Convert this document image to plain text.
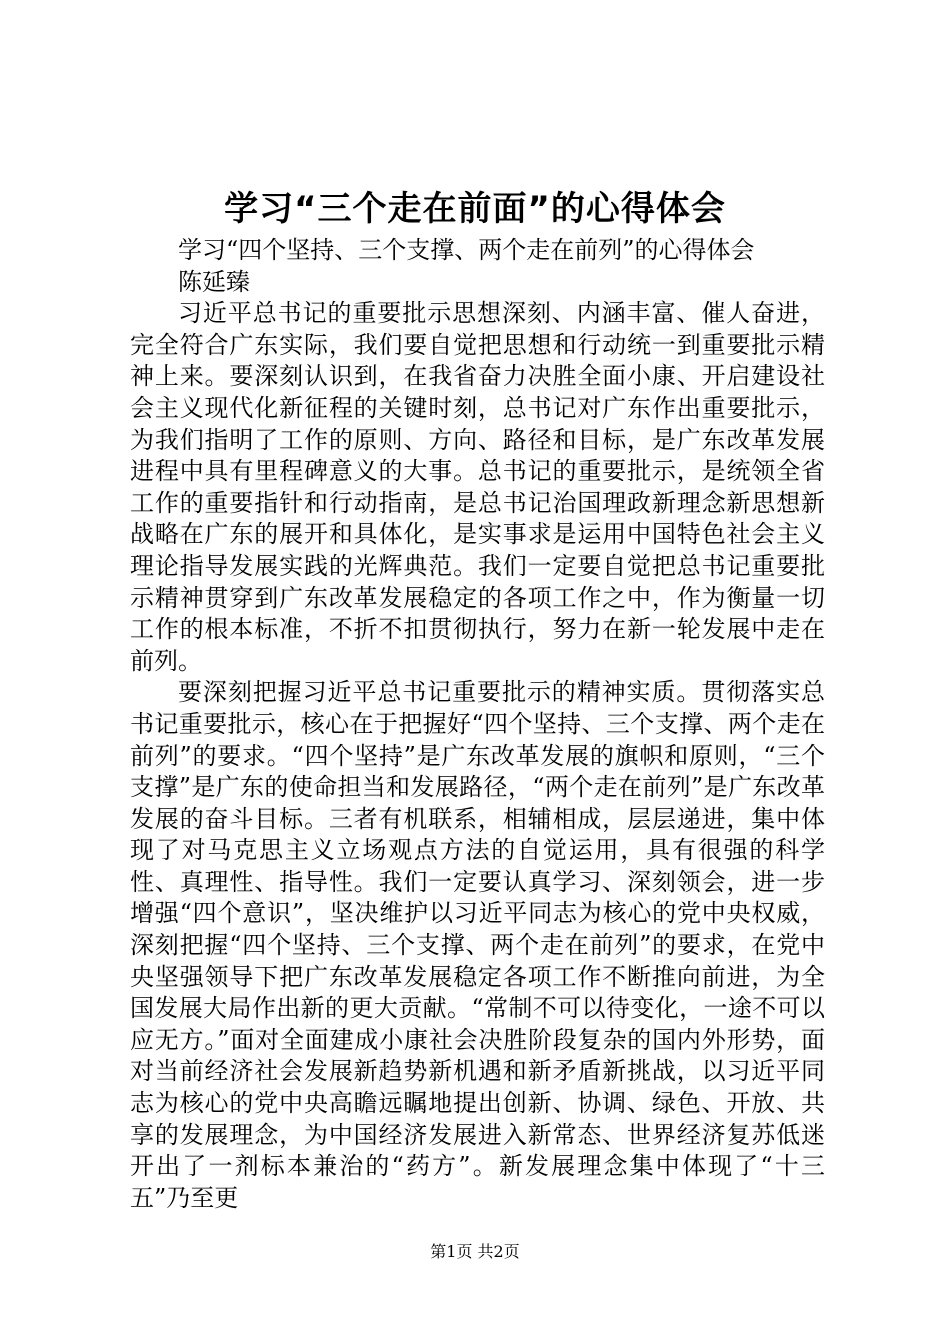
学习“三个走在前面”的心得体会

学习“四个坚持、三个支撑、两个走在前列”的心得体会

陈延臻

习近平总书记的重要批示思想深刻、内涵丰富、催人奋进，完全符合广东实际，我们要自觉把思想和行动统一到重要批示精神上来。要深刻认识到，在我省奋力决胜全面小康、开启建设社会主义现代化新征程的关键时刻，总书记对广东作出重要批示，为我们指明了工作的原则、方向、路径和目标，是广东改革发展进程中具有里程碑意义的大事。总书记的重要批示，是统领全省工作的重要指针和行动指南，是总书记治国理政新理念新思想新战略在广东的展开和具体化，是实事求是运用中国特色社会主义理论指导发展实践的光辉典范。我们一定要自觉把总书记重要批示精神贯穿到广东改革发展稳定的各项工作之中，作为衡量一切工作的根本标准，不折不扣贯彻执行，努力在新一轮发展中走在前列。

要深刻把握习近平总书记重要批示的精神实质。贯彻落实总书记重要批示，核心在于把握好“四个坚持、三个支撑、两个走在前列”的要求。“四个坚持”是广东改革发展的旗帜和原则，“三个支撑”是广东的使命担当和发展路径，“两个走在前列”是广东改革发展的奋斗目标。三者有机联系，相辅相成，层层递进，集中体现了对马克思主义立场观点方法的自觉运用，具有很强的科学性、真理性、指导性。我们一定要认真学习、深刻领会，进一步增强“四个意识”，坚决维护以习近平同志为核心的党中央权威，深刻把握“四个坚持、三个支撑、两个走在前列”的要求，在党中央坚强领导下把广东改革发展稳定各项工作不断推向前进，为全国发展大局作出新的更大贡献。“常制不可以待变化，一途不可以应无方。”面对全面建成小康社会决胜阶段复杂的国内外形势，面对当前经济社会发展新趋势新机遇和新矛盾新挑战，以习近平同志为核心的党中央高瞻远瞩地提出创新、协调、绿色、开放、共享的发展理念，为中国经济发展进入新常态、世界经济复苏低迷开出了一剂标本兼治的“药方”。新发展理念集中体现了“十三五”乃至更

第1页 共2页
